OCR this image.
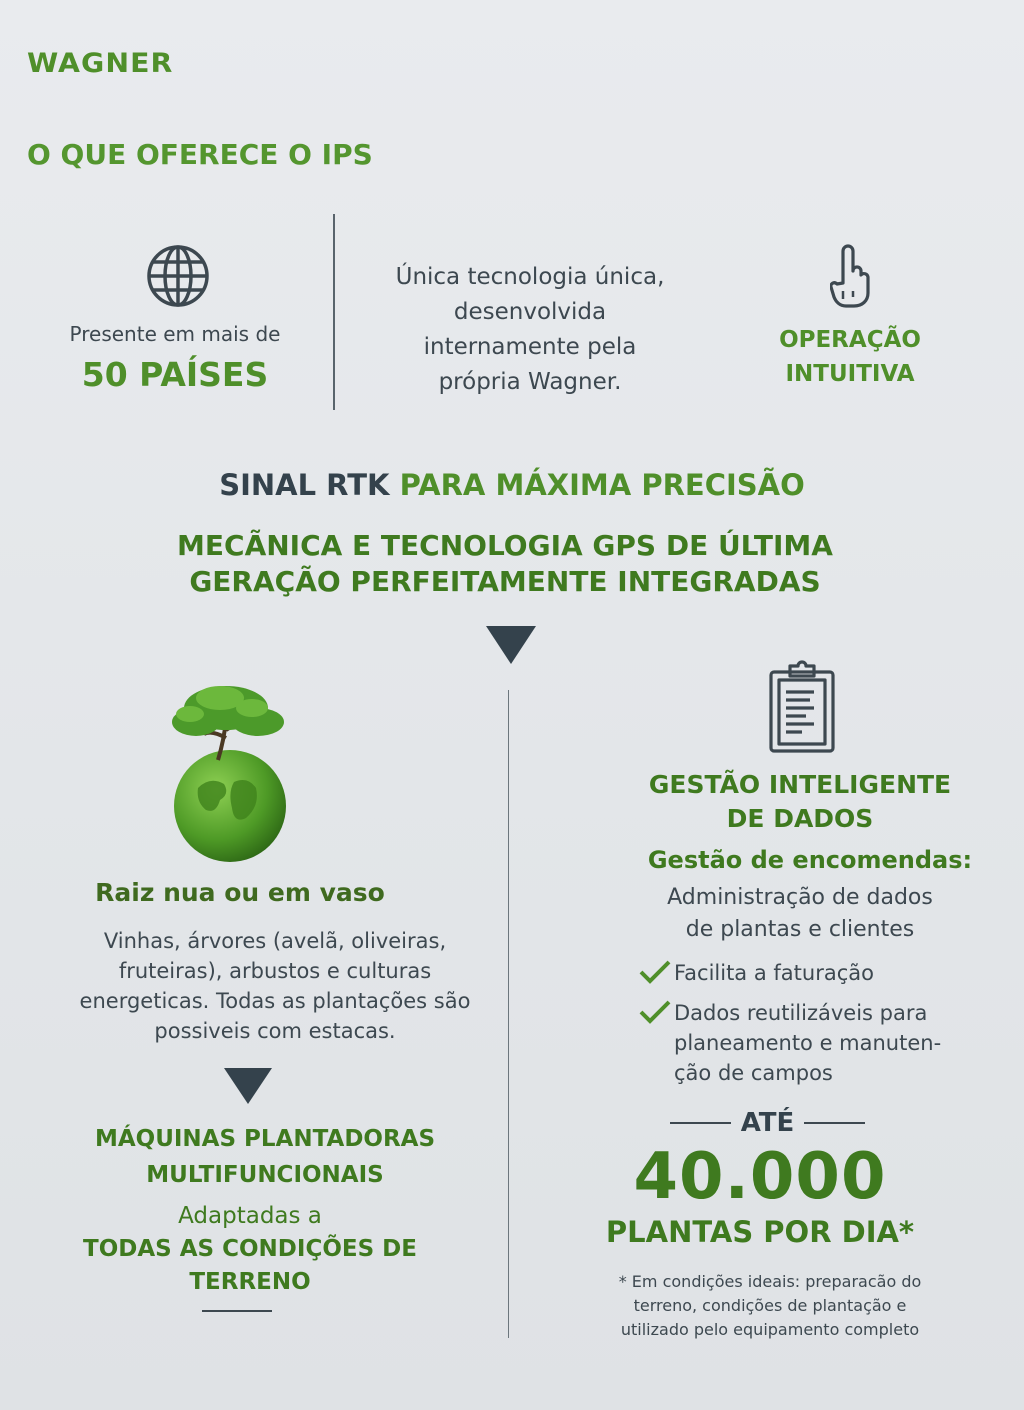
WAGNER
O QUE OFERECE O IPS
Presente em mais de
50 PAÍSES
Única tecnologia única,
desenvolvida
internamente pela
própria Wagner.
OPERAÇÃO
INTUITIVA
SINAL RTK PARA MÁXIMA PRECISÃO
MECÃNICA E TECNOLOGIA GPS DE ÚLTIMA
GERAÇÃO PERFEITAMENTE INTEGRADAS
Raiz nua ou em vaso
Vinhas, árvores (avelã, oliveiras,
fruteiras), arbustos e culturas
energeticas. Todas as plantações são
possiveis com estacas.
MÁQUINAS PLANTADORAS
MULTIFUNCIONAIS
Adaptadas a
TODAS AS CONDIÇÕES DE
TERRENO
GESTÃO INTELIGENTE
DE DADOS
Gestão de encomendas:
Administração de dados
de plantas e clientes
Facilita a faturação
Dados reutilizáveis para
planeamento e manuten-
ção de campos
ATÉ
40.000
PLANTAS POR DIA*
* Em condições ideais: preparacão do
terreno, condições de plantação e
utilizado pelo equipamento completo
